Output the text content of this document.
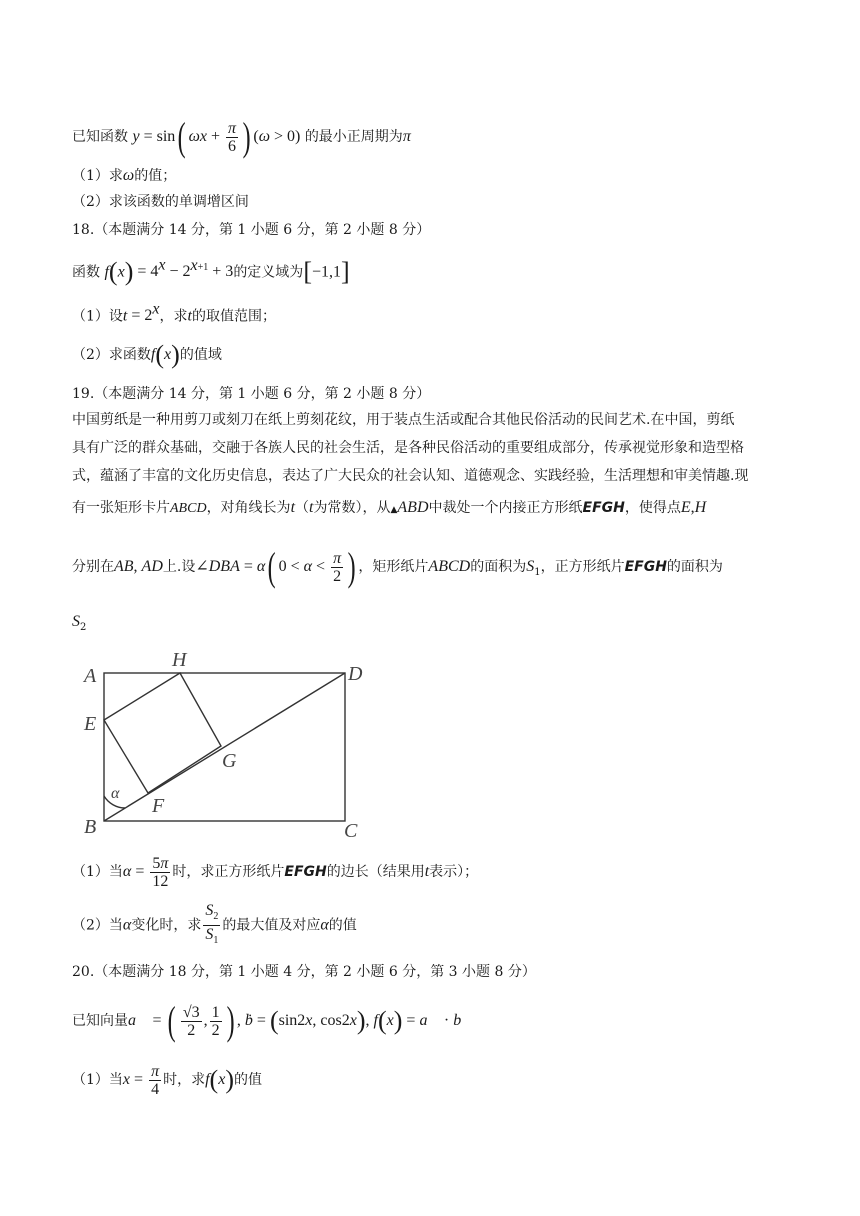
已知函数 y = sin( $\omega x + \frac{\pi}{6}$ ) (ω > 0) 的最小正周期为π
（1）求ω的值；
（2）求该函数的单调增区间
18.（本题满分 14 分，第 1 小题 6 分，第 2 小题 8 分）
函数 $f(x) = 4^x - 2^{x+1} + 3$的定义域为[−1,1]
（1）设$t = 2^x$，求t的取值范围；
（2）求函数f(x)的值域
19.（本题满分 14 分，第 1 小题 6 分，第 2 小题 8 分）
中国剪纸是一种用剪刀或刻刀在纸上剪刻花纹，用于装点生活或配合其他民俗活动的民间艺术.在中国，剪纸
具有广泛的群众基础，交融于各族人民的社会生活，是各种民俗活动的重要组成部分，传承视觉形象和造型格
式，蕴涵了丰富的文化历史信息，表达了广大民众的社会认知、道德观念、实践经验，生活理想和审美情趣.现
有一张矩形卡片ABCD，对角线长为t（t为常数），从▲ABD中裁处一个内接正方形纸EFGH，使得点E,H
分别在AB, AD上.设∠DBA = α( $0 < \alpha < \frac{\pi}{2}$ ) ，矩形纸片ABCD的面积为$S_1$，正方形纸片EFGH的面积为
$S_2$
A
H
D
E
G
B
F
C
α
（1）当$\alpha = \frac{5\pi}{12}$ 时，求正方形纸片EFGH的边长（结果用t表示）；
（2）当α变化时，求 $\frac{S_2}{S_1}$ 的最大值及对应α的值
20.（本题满分 18 分，第 1 小题 4 分，第 2 小题 6 分，第 3 小题 8 分）
已知向量a⃗ = ( $\frac{√3}{2}$ , $\frac{1}{2}$ ) , ḃ = (sin2x, cos2x), f(x) = a⃗ · b⃗
（1）当$x = \frac{\pi}{4}$ 时，求f(x)的值
